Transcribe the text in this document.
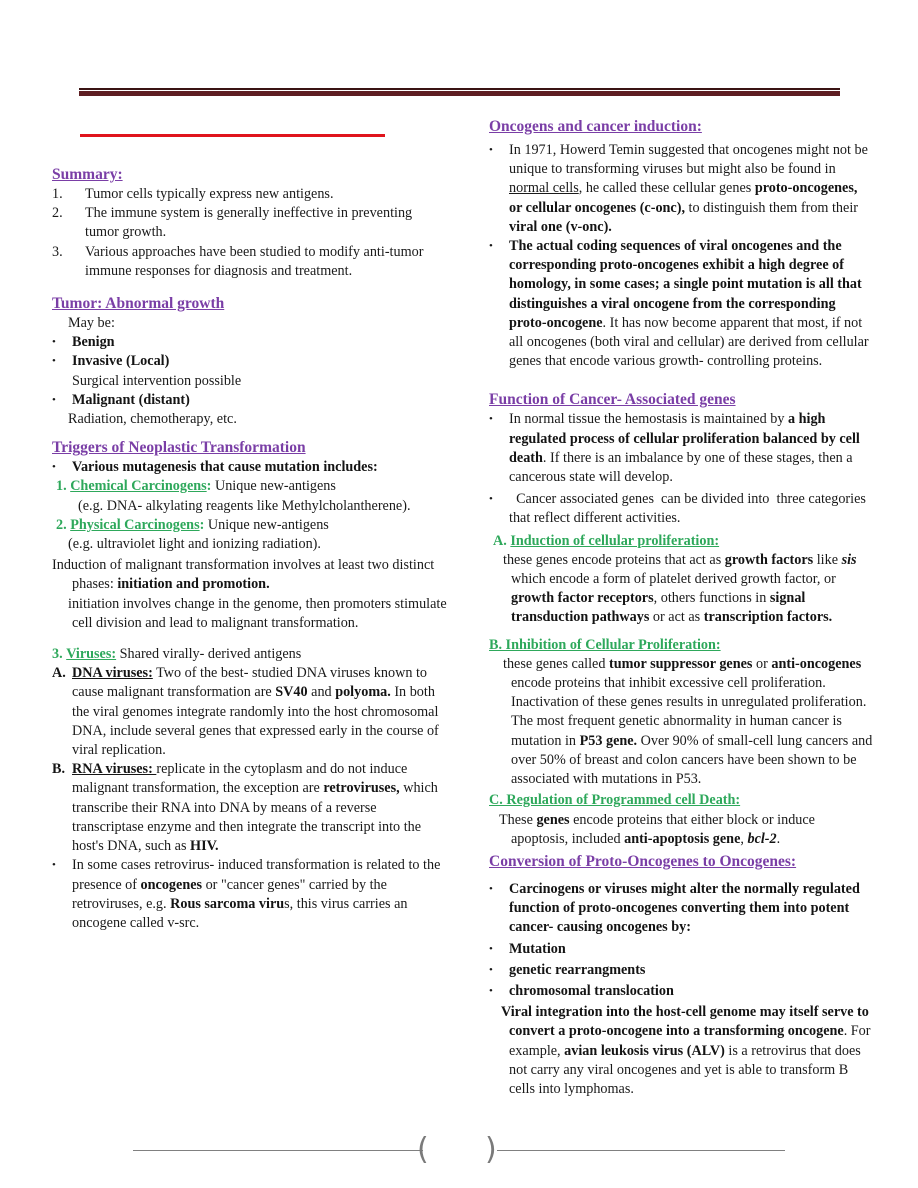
Summary:

1.	Tumor cells typically express new antigens.
2.	The immune system is generally ineffective in preventing tumor growth.
3.	Various approaches have been studied to modify anti-tumor immune responses for diagnosis and treatment.

Tumor: Abnormal growth

May be:
•	Benign
•	Invasive (Local)
Surgical intervention possible
•	Malignant (distant)
Radiation, chemotherapy, etc.

Triggers of Neoplastic Transformation

•	Various mutagenesis that cause mutation includes:
1. Chemical Carcinogens: Unique new-antigens
(e.g. DNA- alkylating reagents like Methylcholantherene).
2. Physical Carcinogens: Unique new-antigens
(e.g. ultraviolet light and ionizing radiation).
Induction of malignant transformation involves at least two distinct phases: initiation and promotion.
initiation involves change in the genome, then promoters stimulate cell division and lead to malignant transformation.
3. Viruses: Shared virally- derived antigens
A. DNA viruses: Two of the best- studied DNA viruses known to cause malignant transformation are SV40 and polyoma. In both the viral genomes integrate randomly into the host chromosomal DNA, include several genes that expressed early in the course of viral replication.
B. RNA viruses: replicate in the cytoplasm and do not induce malignant transformation, the exception are retroviruses, which transcribe their RNA into DNA by means of a reverse transcriptase enzyme and then integrate the transcript into the host's DNA, such as HIV.
•	In some cases retrovirus- induced transformation is related to the presence of oncogenes or "cancer genes" carried by the retroviruses, e.g. Rous sarcoma virus, this virus carries an oncogene called v-src.

Oncogens and cancer induction:

•	In 1971, Howerd Temin suggested that oncogenes might not be unique to transforming viruses but might also be found in normal cells, he called these cellular genes proto-oncogenes, or cellular oncogenes (c-onc), to distinguish them from their viral one (v-onc).
•	The actual coding sequences of viral oncogenes and the corresponding proto-oncogenes exhibit a high degree of homology, in some cases; a single point mutation is all that distinguishes a viral oncogene from the corresponding proto-oncogene. It has now become apparent that most, if not all oncogenes (both viral and cellular) are derived from cellular genes that encode various growth- controlling proteins.

Function of Cancer- Associated genes

•	In normal tissue the hemostasis is maintained by a high regulated process of cellular proliferation balanced by cell death. If there is an imbalance by one of these stages, then a cancerous state will develop.
•	Cancer associated genes  can be divided into  three categories that reflect different activities.
A. Induction of cellular proliferation:
these genes encode proteins that act as growth factors like sis which encode a form of platelet derived growth factor, or growth factor receptors, others functions in signal transduction pathways or act as transcription factors.
B. Inhibition of Cellular Proliferation:
these genes called tumor suppressor genes or anti-oncogenes encode proteins that inhibit excessive cell proliferation. Inactivation of these genes results in unregulated proliferation. The most frequent genetic abnormality in human cancer is mutation in P53 gene. Over 90% of small-cell lung cancers and over 50% of breast and colon cancers have been shown to be associated with mutations in P53.
C. Regulation of Programmed cell Death:
These genes encode proteins that either block or induce apoptosis, included anti-apoptosis gene, bcl-2.

Conversion of Proto-Oncogenes to Oncogenes:

•	Carcinogens or viruses might alter the normally regulated function of proto-oncogenes converting them into potent cancer- causing oncogenes by:
•	Mutation
•	genetic rearrangments
•	chromosomal translocation
Viral integration into the host-cell genome may itself serve to convert a proto-oncogene into a transforming oncogene. For example, avian leukosis virus (ALV) is a retrovirus that does not carry any viral oncogenes and yet is able to transform B cells into lymphomas.
( )
